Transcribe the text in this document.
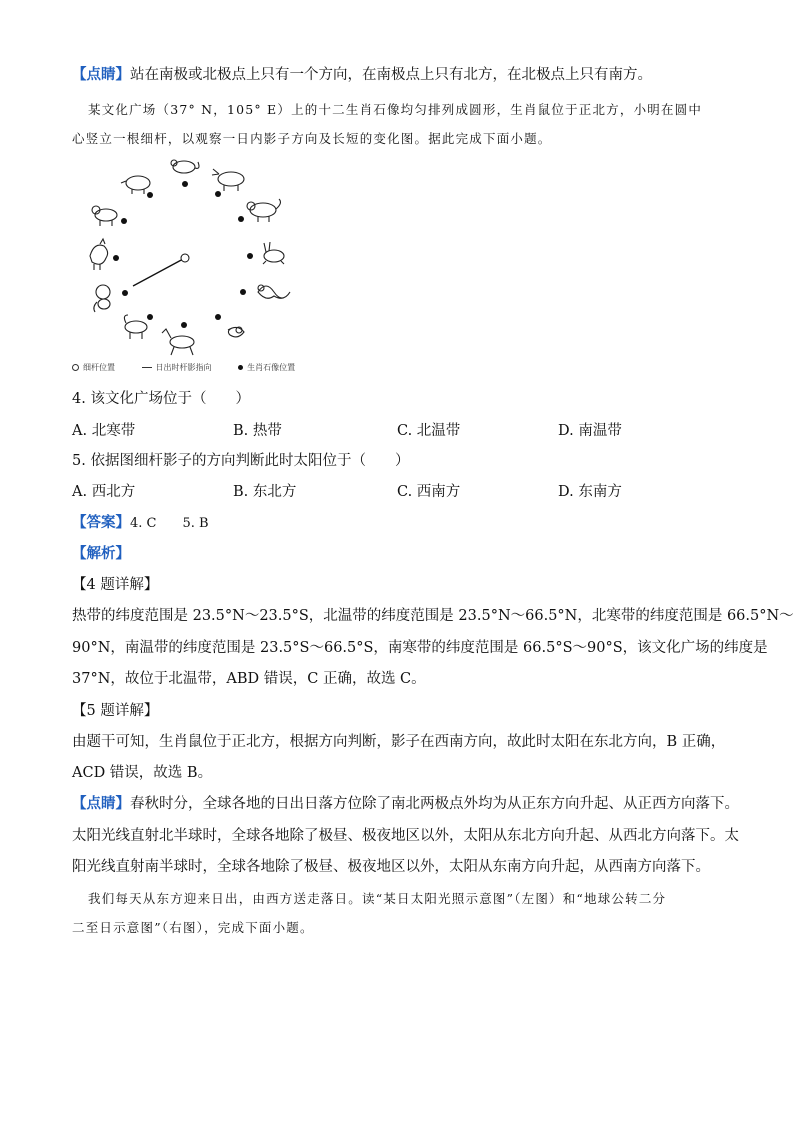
【点睛】站在南极或北极点上只有一个方向，在南极点上只有北方，在北极点上只有南方。
某文化广场（37° N，105° E）上的十二生肖石像均匀排列成圆形，生肖鼠位于正北方，小明在圆中
心竖立一根细杆，以观察一日内影子方向及长短的变化图。据此完成下面小题。
细杆位置	日出时杆影指向	生肖石像位置
4. 该文化广场位于（　　）
A. 北寒带	B. 热带	C. 北温带	D. 南温带
5. 依据图细杆影子的方向判断此时太阳位于（　　）
A. 西北方	B. 东北方	C. 西南方	D. 东南方
【答案】4. C　　5. B
【解析】
【4 题详解】
热带的纬度范围是 23.5°N～23.5°S，北温带的纬度范围是 23.5°N～66.5°N，北寒带的纬度范围是 66.5°N～
90°N，南温带的纬度范围是 23.5°S～66.5°S，南寒带的纬度范围是 66.5°S～90°S，该文化广场的纬度是
37°N，故位于北温带，ABD 错误，C 正确，故选 C。
【5 题详解】
由题干可知，生肖鼠位于正北方，根据方向判断，影子在西南方向，故此时太阳在东北方向，B 正确，
ACD 错误，故选 B。
【点睛】春秋时分，全球各地的日出日落方位除了南北两极点外均为从正东方向升起、从正西方向落下。
太阳光线直射北半球时，全球各地除了极昼、极夜地区以外，太阳从东北方向升起、从西北方向落下。太
阳光线直射南半球时，全球各地除了极昼、极夜地区以外，太阳从东南方向升起，从西南方向落下。
我们每天从东方迎来日出，由西方送走落日。读“某日太阳光照示意图”（左图）和“地球公转二分
二至日示意图”（右图），完成下面小题。
